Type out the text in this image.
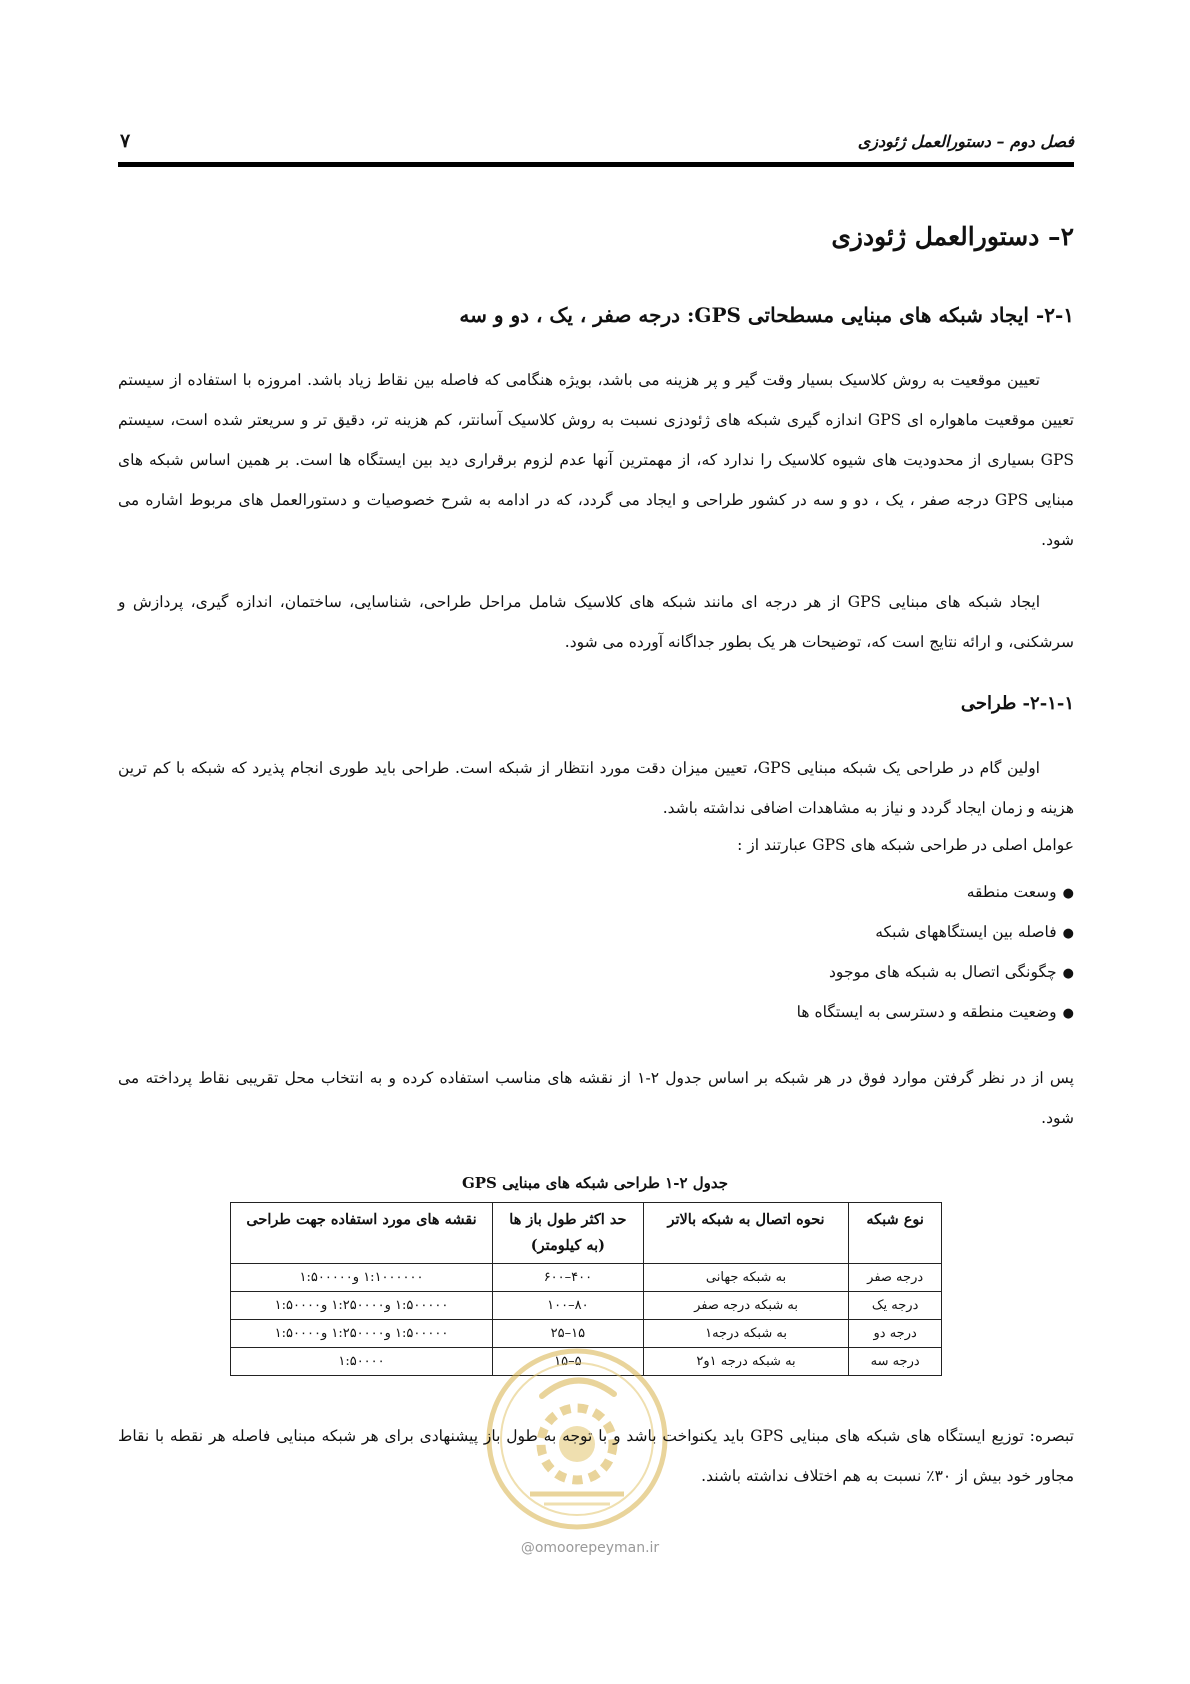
فصل دوم – دستورالعمل ژئودزی
۷
۲– دستورالعمل ژئودزی
۲-۱- ایجاد شبکه های مبنایی مسطحاتی GPS: درجه صفر ، یک ، دو و سه

تعیین موقعیت به روش کلاسیک بسیار وقت گیر و پر هزینه می باشد، بویژه هنگامی که فاصله بین نقاط زیاد باشد. امروزه با استفاده از سیستم تعیین موقعیت ماهواره ای GPS اندازه گیری شبکه های ژئودزی نسبت به روش کلاسیک آسانتر، کم هزینه تر، دقیق تر و سریعتر شده است، سیستم GPS بسیاری از محدودیت های شیوه کلاسیک را ندارد که، از مهمترین آنها عدم لزوم برقراری دید بین ایستگاه ها است. بر همین اساس شبکه های مبنایی GPS درجه صفر ، یک ، دو و سه در کشور طراحی و ایجاد می گردد، که در ادامه به شرح خصوصیات و دستورالعمل های مربوط اشاره می شود.

ایجاد شبکه های مبنایی GPS از هر درجه ای مانند شبکه های کلاسیک شامل مراحل طراحی، شناسایی، ساختمان، اندازه گیری، پردازش و سرشکنی، و ارائه نتایج است که، توضیحات هر یک بطور جداگانه آورده می شود.

۲-۱-۱- طراحی

اولین گام در طراحی یک شبکه مبنایی GPS، تعیین میزان دقت مورد انتظار از شبکه است. طراحی باید طوری انجام پذیرد که شبکه با کم ترین هزینه و زمان ایجاد گردد و نیاز به مشاهدات اضافی نداشته باشد.

عوامل اصلی در طراحی شبکه های GPS عبارتند از :

●وسعت منطقه
●فاصله بین ایستگاههای شبکه
●چگونگی اتصال به شبکه های موجود
●وضعیت منطقه و دسترسی به ایستگاه ها

پس از در نظر گرفتن موارد فوق در هر شبکه بر اساس جدول ۲-۱ از نقشه های مناسب استفاده کرده و به انتخاب محل تقریبی نقاط پرداخته می شود.

جدول ۲-۱ طراحی شبکه های مبنایی GPS
نوع شبکه	نحوه اتصال به شبکه بالاتر	حد اکثر طول باز ها (به کیلومتر)	نقشه های مورد استفاده جهت طراحی
درجه صفر	به شبکه جهانی	۴۰۰–۶۰۰	۱:۱۰۰۰۰۰۰ و۱:۵۰۰۰۰۰
درجه یک	به شبکه درجه صفر	۸۰–۱۰۰	۱:۵۰۰۰۰۰ و۱:۲۵۰۰۰۰ و۱:۵۰۰۰۰
درجه دو	به شبکه درجه۱	۱۵–۲۵	۱:۵۰۰۰۰۰ و۱:۲۵۰۰۰۰ و۱:۵۰۰۰۰
درجه سه	به شبکه درجه ۱و۲	۵–۱۵	۱:۵۰۰۰۰

تبصره: توزیع ایستگاه های شبکه های مبنایی GPS باید یکنواخت باشد و با توجه به طول باز پیشنهادی برای هر شبکه مبنایی فاصله هر نقطه با نقاط مجاور خود بیش از ۳۰٪ نسبت به هم اختلاف نداشته باشند.

@omoorepeyman.ir
